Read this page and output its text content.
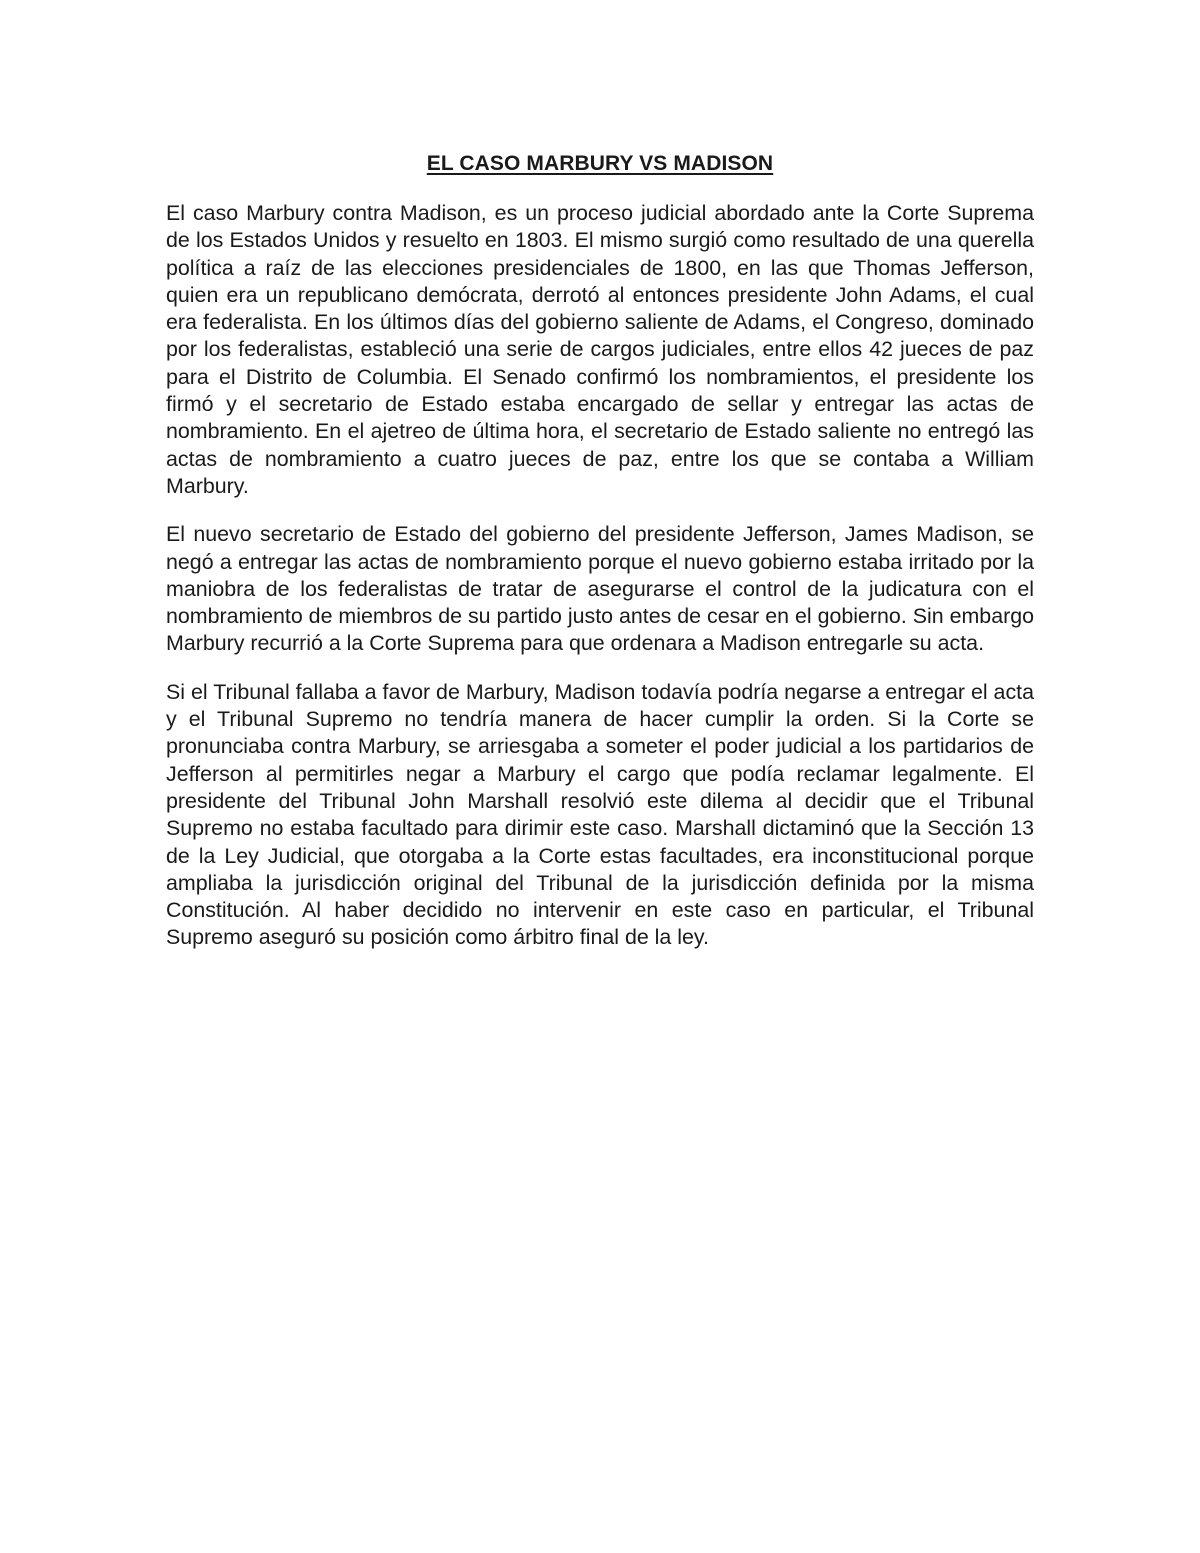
EL CASO MARBURY VS MADISON

El caso Marbury contra Madison, es un proceso judicial abordado ante la Corte Suprema de los Estados Unidos y resuelto en 1803. El mismo surgió como resultado de una querella política a raíz de las elecciones presidenciales de 1800, en las que Thomas Jefferson, quien era un republicano demócrata, derrotó al entonces presidente John Adams, el cual era federalista. En los últimos días del gobierno saliente de Adams, el Congreso, dominado por los federalistas, estableció una serie de cargos judiciales, entre ellos 42 jueces de paz para el Distrito de Columbia. El Senado confirmó los nombramientos, el presidente los firmó y el secretario de Estado estaba encargado de sellar y entregar las actas de nombramiento. En el ajetreo de última hora, el secretario de Estado saliente no entregó las actas de nombramiento a cuatro jueces de paz, entre los que se contaba a William Marbury.

El nuevo secretario de Estado del gobierno del presidente Jefferson, James Madison, se negó a entregar las actas de nombramiento porque el nuevo gobierno estaba irritado por la maniobra de los federalistas de tratar de asegurarse el control de la judicatura con el nombramiento de miembros de su partido justo antes de cesar en el gobierno. Sin embargo Marbury recurrió a la Corte Suprema para que ordenara a Madison entregarle su acta.

Si el Tribunal fallaba a favor de Marbury, Madison todavía podría negarse a entregar el acta y el Tribunal Supremo no tendría manera de hacer cumplir la orden. Si la Corte se pronunciaba contra Marbury, se arriesgaba a someter el poder judicial a los partidarios de Jefferson al permitirles negar a Marbury el cargo que podía reclamar legalmente. El presidente del Tribunal John Marshall resolvió este dilema al decidir que el Tribunal Supremo no estaba facultado para dirimir este caso. Marshall dictaminó que la Sección 13 de la Ley Judicial, que otorgaba a la Corte estas facultades, era inconstitucional porque ampliaba la jurisdicción original del Tribunal de la jurisdicción definida por la misma Constitución. Al haber decidido no intervenir en este caso en particular, el Tribunal Supremo aseguró su posición como árbitro final de la ley.
